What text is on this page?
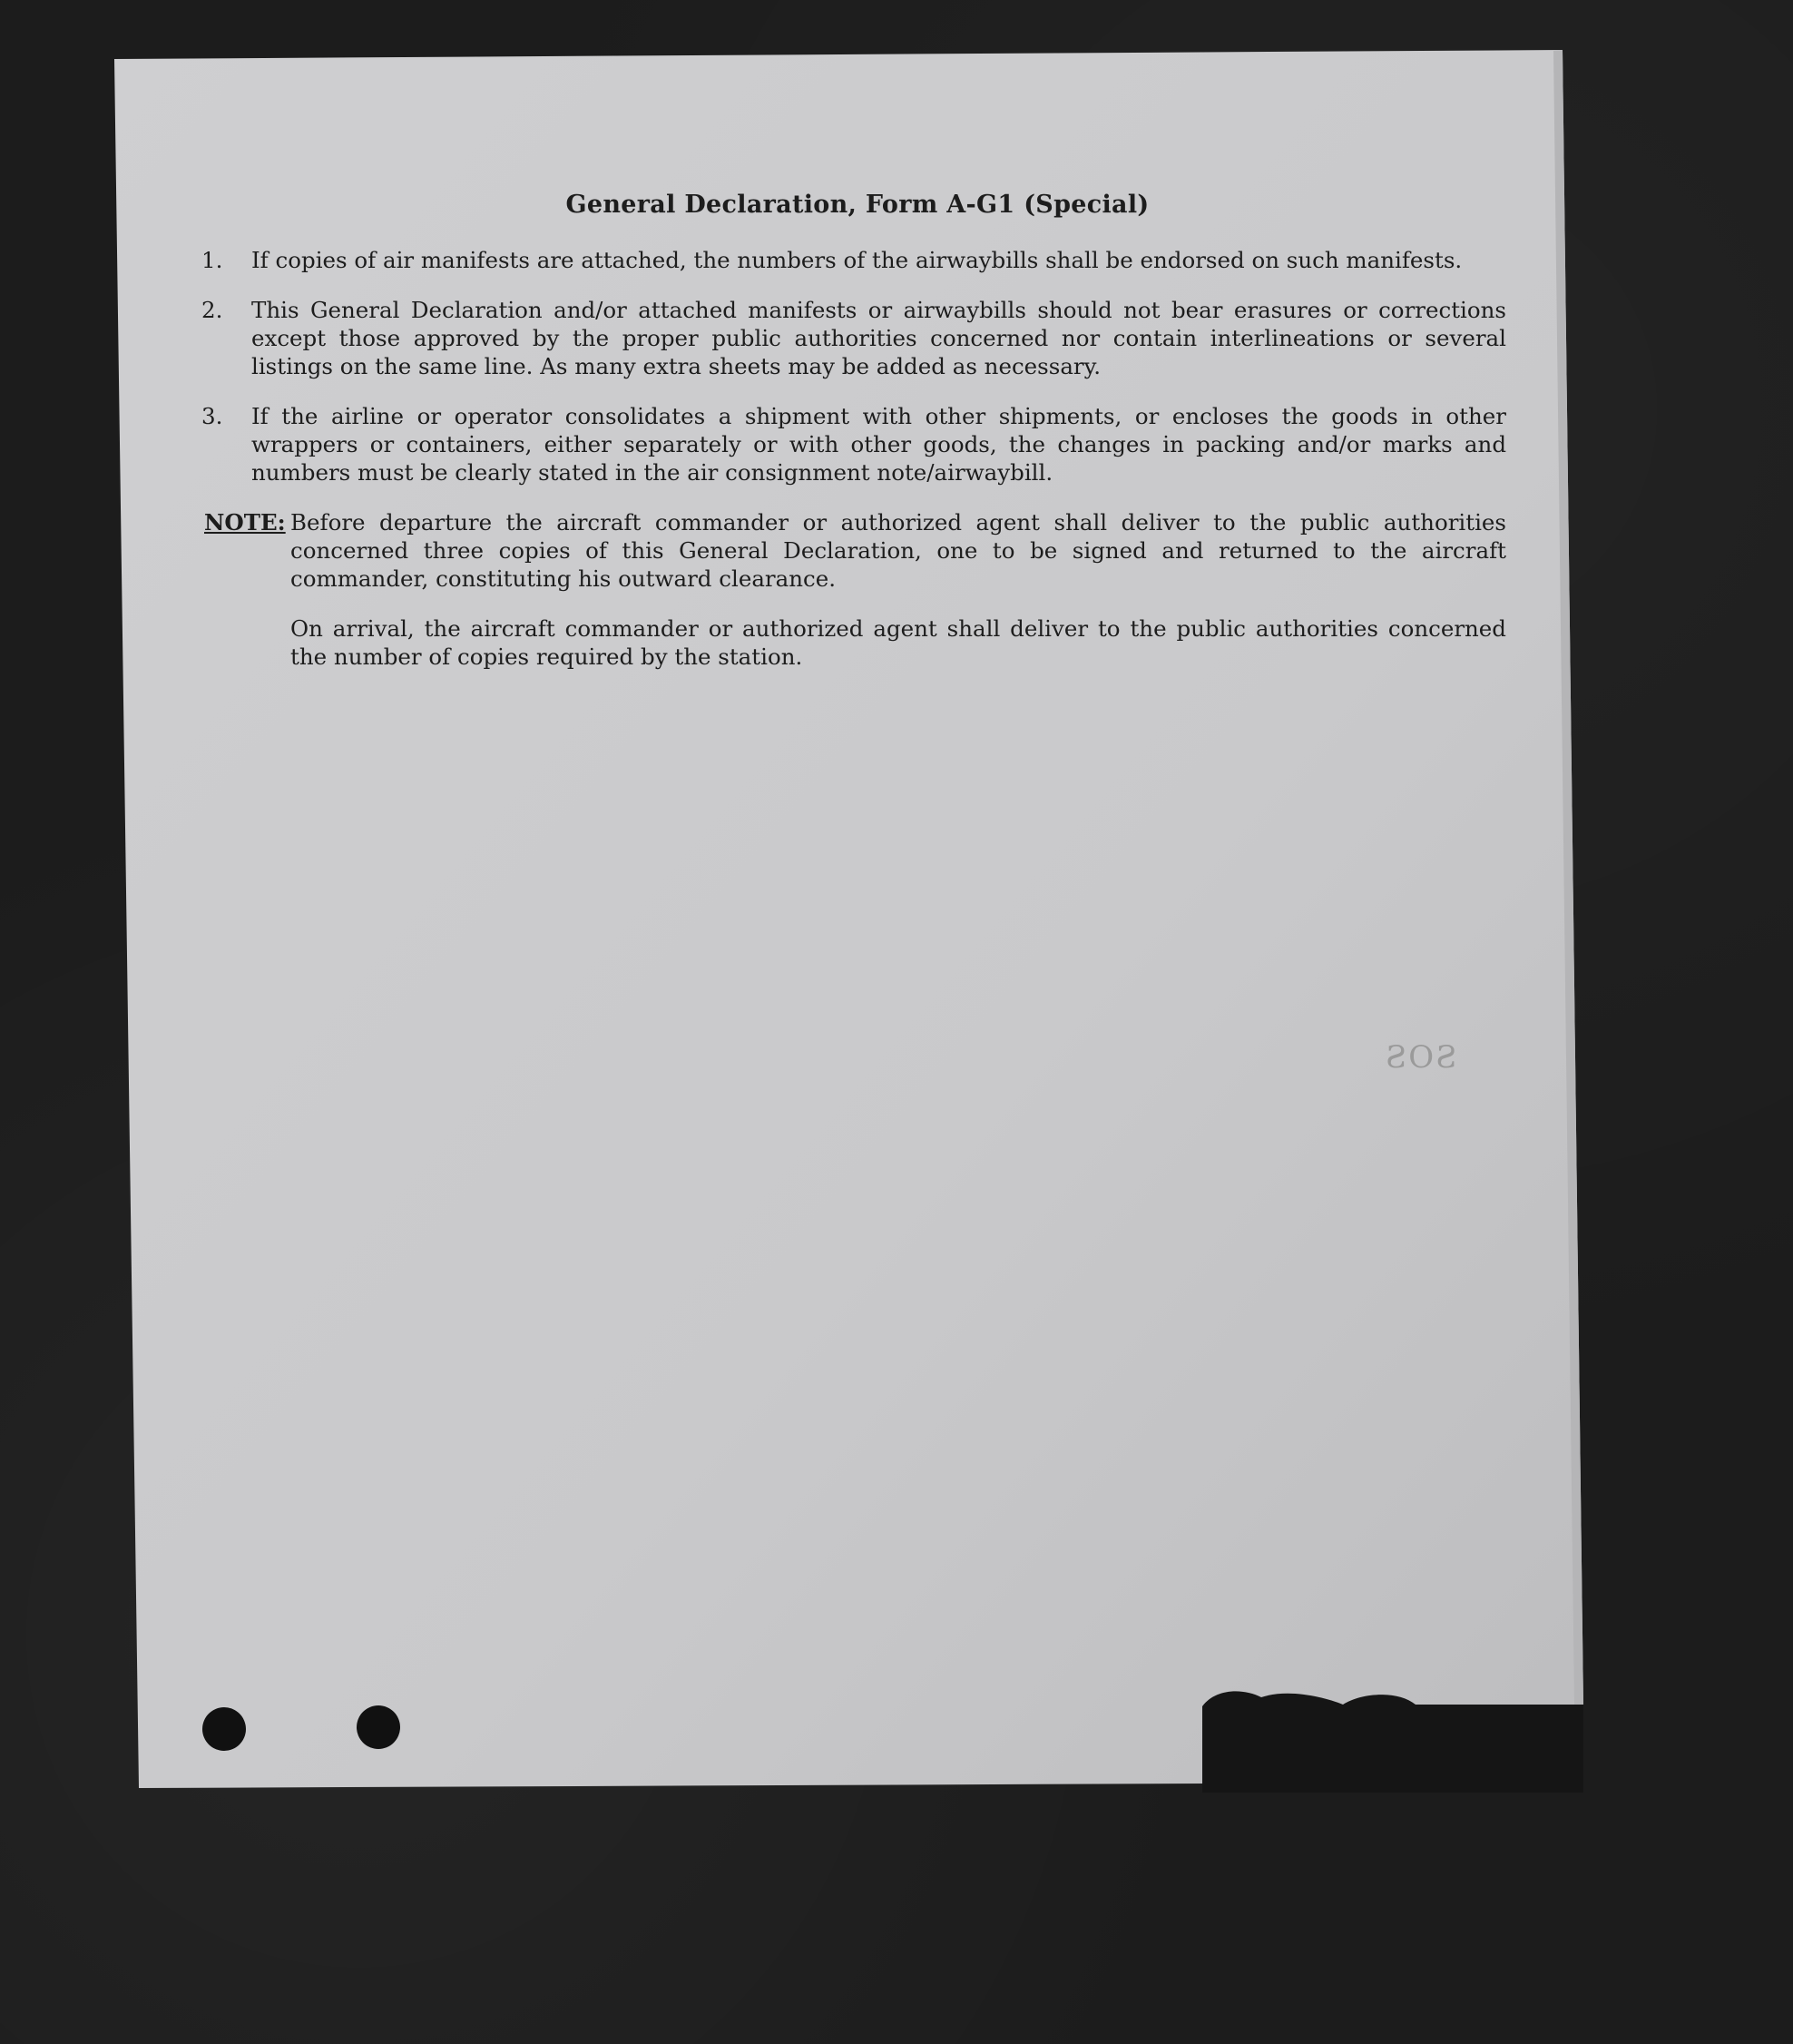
SOS
General Declaration, Form A-G1 (Special)
1.	If copies of air manifests are attached, the numbers of the airwaybills shall be endorsed on such manifests.
2.	This General Declaration and/or attached manifests or airwaybills should not bear erasures or corrections except those approved by the proper public authorities concerned nor contain interlineations or several listings on the same line. As many extra sheets may be added as necessary.
3.	If the airline or operator consolidates a shipment with other shipments, or encloses the goods in other wrappers or containers, either separately or with other goods, the changes in packing and/or marks and numbers must be clearly stated in the air consignment note/airwaybill.
NOTE: Before departure the aircraft commander or authorized agent shall deliver to the public authorities concerned three copies of this General Declaration, one to be signed and returned to the aircraft commander, constituting his outward clearance.

On arrival, the aircraft commander or authorized agent shall deliver to the public authorities concerned the number of copies required by the station.
